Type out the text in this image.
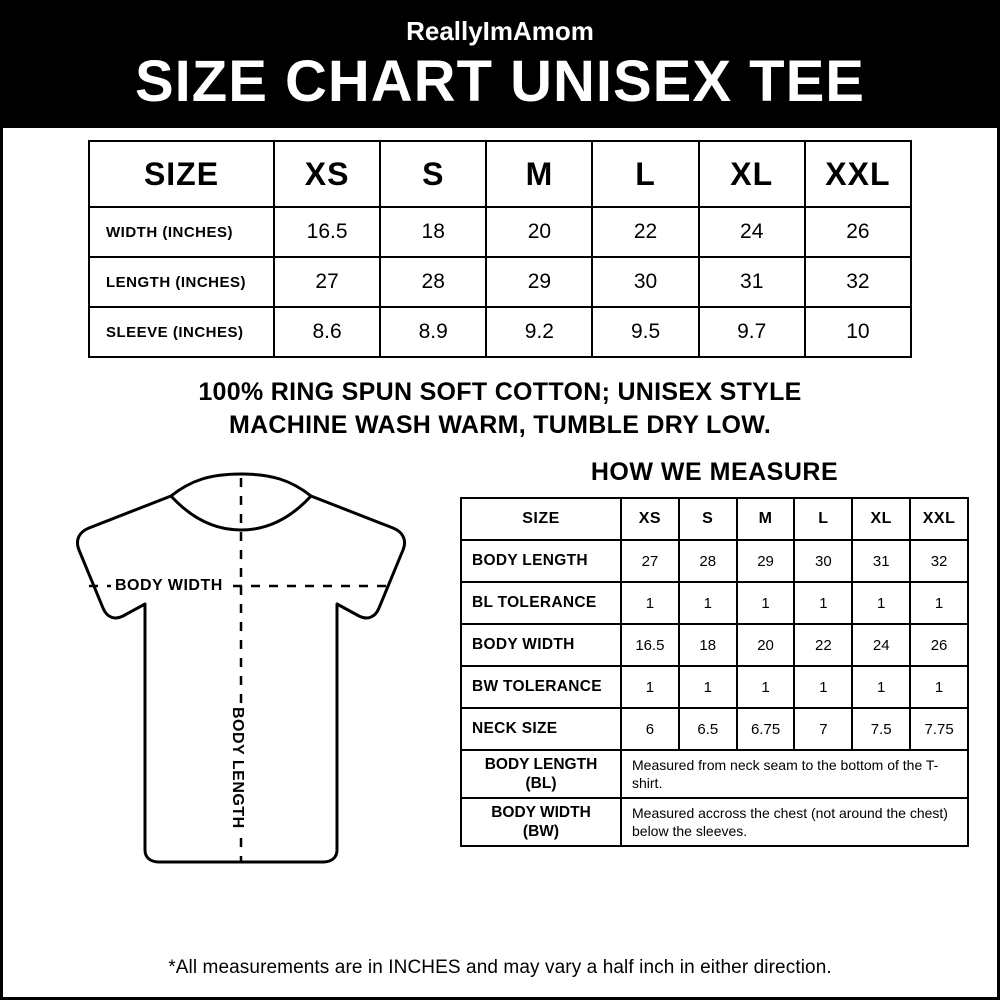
ReallyImAmom
SIZE CHART UNISEX TEE
SIZE	XS	S	M	L	XL	XXL
WIDTH (INCHES)	16.5	18	20	22	24	26
LENGTH (INCHES)	27	28	29	30	31	32
SLEEVE (INCHES)	8.6	8.9	9.2	9.5	9.7	10
100% RING SPUN SOFT COTTON; UNISEX STYLE
MACHINE WASH WARM, TUMBLE DRY LOW.
BODY WIDTH
BODY LENGTH
HOW WE MEASURE
SIZE	XS	S	M	L	XL	XXL
BODY LENGTH	27	28	29	30	31	32
BL TOLERANCE	1	1	1	1	1	1
BODY WIDTH	16.5	18	20	22	24	26
BW TOLERANCE	1	1	1	1	1	1
NECK SIZE	6	6.5	6.75	7	7.5	7.75
BODY LENGTH
(BL)	Measured from neck seam to the bottom of the T-shirt.					
BODY WIDTH
(BW)	Measured accross the chest (not around the chest) below the sleeves.					
*All measurements are in INCHES and may vary a half inch in either direction.
